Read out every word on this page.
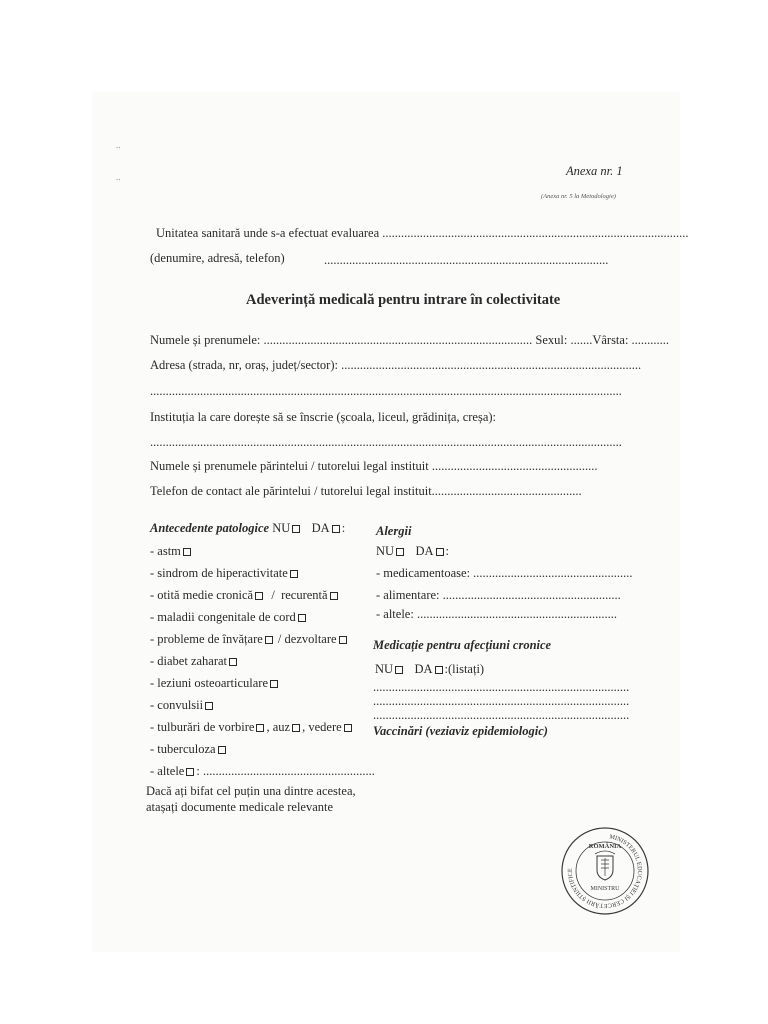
..
..	Anexa nr. 1
(Anexa nr. 5 la Metodologie)
Unitatea sanitară unde s-a efectuat evaluarea ..................................................................................................
(denumire, adresă, telefon)	...........................................................................................
Adeverință medicală pentru intrare în colectivitate
Numele și prenumele: ...................................................................................... Sexul: .......Vârsta: ............
Adresa (strada, nr, oraș, județ/sector): ................................................................................................
.......................................................................................................................................................
Instituția la care dorește să se înscrie (școala, liceul, grădinița, creșa):
.......................................................................................................................................................
Numele și prenumele părintelui / tutorelui legal instituit .....................................................
Telefon de contact ale părintelui / tutorelui legal instituit................................................
Antecedente patologice NU DA :
- astm
- sindrom de hiperactivitate
- otită medie cronică / recurentă
- maladii congenitale de cord
- probleme de învățare / dezvoltare
- diabet zaharat
- leziuni osteoarticulare
- convulsii
- tulburări de vorbire , auz , vedere
- tuberculoza
- altele : .......................................................
Dacă ați bifat cel puțin una dintre acestea,
atașați documente medicale relevante
Alergii
NU DA :
- medicamentoase: ...................................................
- alimentare: .........................................................
- altele: ................................................................
Medicație pentru afecțiuni cronice
NU DA :(listați)
..................................................................................
..................................................................................
..................................................................................
Vaccinări (veziaviz epidemiologic)
MINISTERUL EDUCAȚIEI ȘI CERCETĂRII ȘTIINȚIFICE
ROMÂNIA
MINISTRU
